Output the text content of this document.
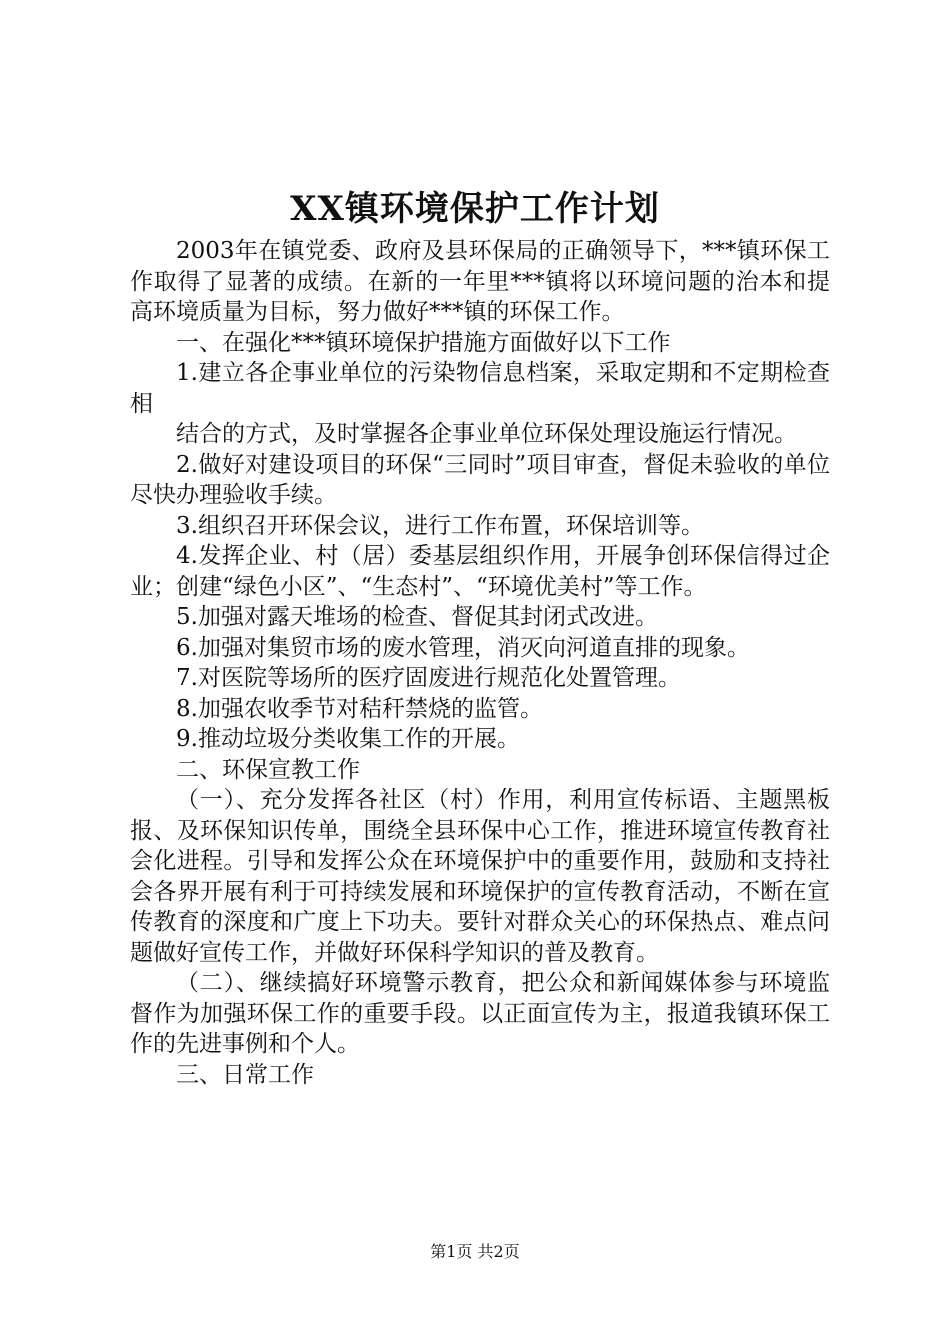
XX镇环境保护工作计划

2003年在镇党委、政府及县环保局的正确领导下，***镇环保工作取得了显著的成绩。在新的一年里***镇将以环境问题的治本和提高环境质量为目标，努力做好***镇的环保工作。

一、在强化***镇环境保护措施方面做好以下工作

1.建立各企事业单位的污染物信息档案，采取定期和不定期检查相

结合的方式，及时掌握各企事业单位环保处理设施运行情况。

2.做好对建设项目的环保“三同时”项目审查，督促未验收的单位尽快办理验收手续。

3.组织召开环保会议，进行工作布置，环保培训等。

4.发挥企业、村（居）委基层组织作用，开展争创环保信得过企业；创建“绿色小区”、“生态村”、“环境优美村”等工作。

5.加强对露天堆场的检查、督促其封闭式改进。

6.加强对集贸市场的废水管理，消灭向河道直排的现象。

7.对医院等场所的医疗固废进行规范化处置管理。

8.加强农收季节对秸秆禁烧的监管。

9.推动垃圾分类收集工作的开展。

二、环保宣教工作

（一）、充分发挥各社区（村）作用，利用宣传标语、主题黑板报、及环保知识传单，围绕全县环保中心工作，推进环境宣传教育社会化进程。引导和发挥公众在环境保护中的重要作用，鼓励和支持社会各界开展有利于可持续发展和环境保护的宣传教育活动，不断在宣传教育的深度和广度上下功夫。要针对群众关心的环保热点、难点问题做好宣传工作，并做好环保科学知识的普及教育。

（二）、继续搞好环境警示教育，把公众和新闻媒体参与环境监督作为加强环保工作的重要手段。以正面宣传为主，报道我镇环保工作的先进事例和个人。

三、日常工作

第1页 共2页
